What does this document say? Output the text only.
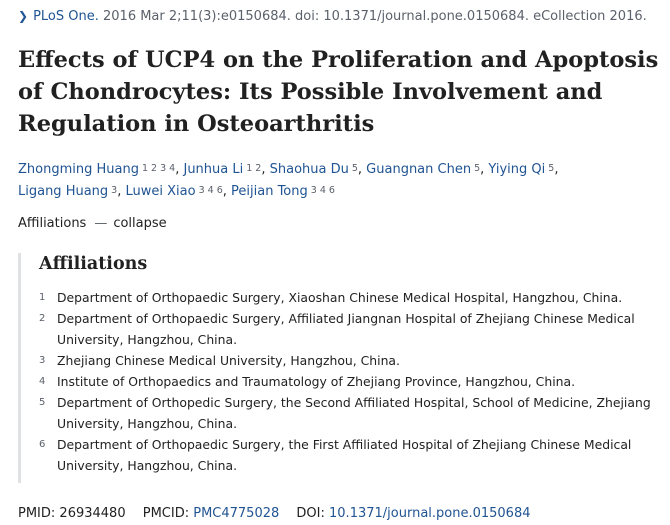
❯ PLoS One. 2016 Mar 2;11(3):e0150684. doi: 10.1371/journal.pone.0150684. eCollection 2016.
Effects of UCP4 on the Proliferation and Apoptosis of Chondrocytes: Its Possible Involvement and Regulation in Osteoarthritis
Zhongming Huang $^{1 2 3 4}$, Junhua Li $^{1 2}$, Shaohua Du $^5$, Guangnan Chen $^5$, Yiying Qi $^5$,
Ligang Huang $^3$, Luwei Xiao $^{3 4 6}$, Peijian Tong $^{3 4 6}$
Affiliations — collapse
Affiliations
1 Department of Orthopaedic Surgery, Xiaoshan Chinese Medical Hospital, Hangzhou, China.
2 Department of Orthopaedic Surgery, Affiliated Jiangnan Hospital of Zhejiang Chinese Medical University, Hangzhou, China.
3 Zhejiang Chinese Medical University, Hangzhou, China.
4 Institute of Orthopaedics and Traumatology of Zhejiang Province, Hangzhou, China.
5 Department of Orthopedic Surgery, the Second Affiliated Hospital, School of Medicine, Zhejiang University, Hangzhou, China.
6 Department of Orthopaedic Surgery, the First Affiliated Hospital of Zhejiang Chinese Medical University, Hangzhou, China.
PMID: 26934480 PMCID: PMC4775028 DOI: 10.1371/journal.pone.0150684
